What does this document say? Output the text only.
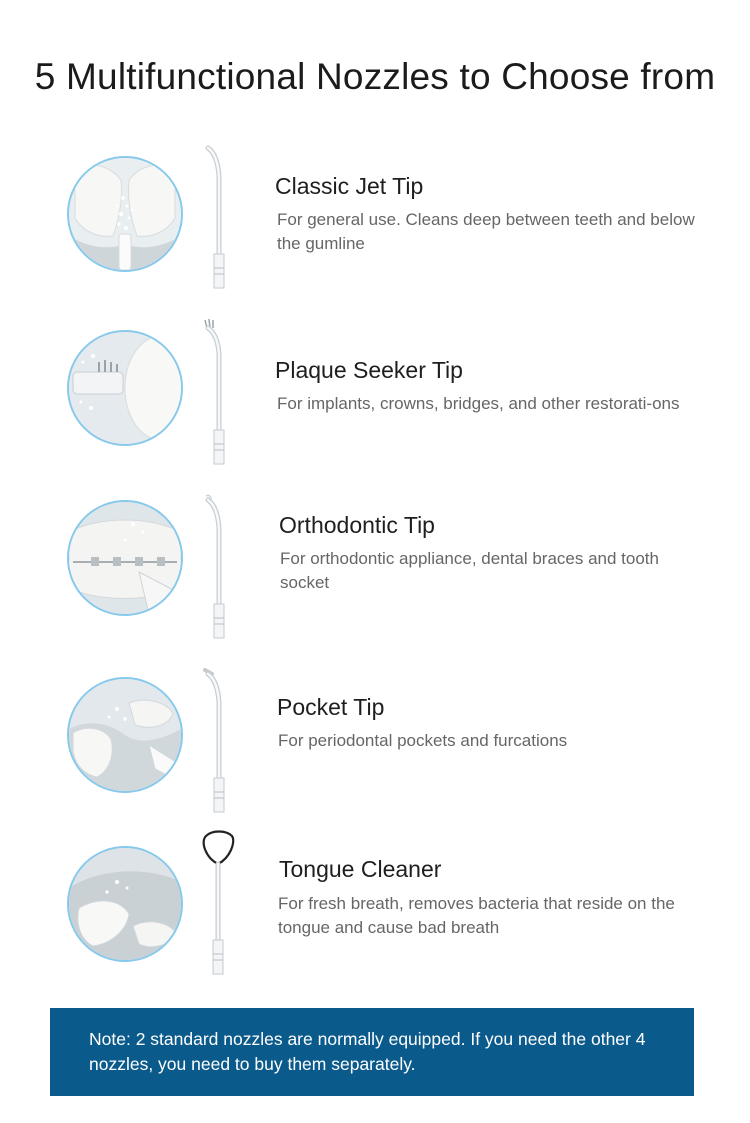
5 Multifunctional Nozzles to Choose from
Classic Jet Tip
For general use. Cleans deep between teeth and below the gumline
Plaque Seeker Tip
For implants, crowns, bridges, and other restorati-ons
Orthodontic Tip
For orthodontic appliance, dental braces and tooth socket
Pocket Tip
For periodontal pockets and furcations
Tongue Cleaner
For fresh breath, removes bacteria that reside on the tongue and cause bad breath
Note: 2 standard nozzles are normally equipped. If you need the other 4 nozzles, you need to buy them separately.
